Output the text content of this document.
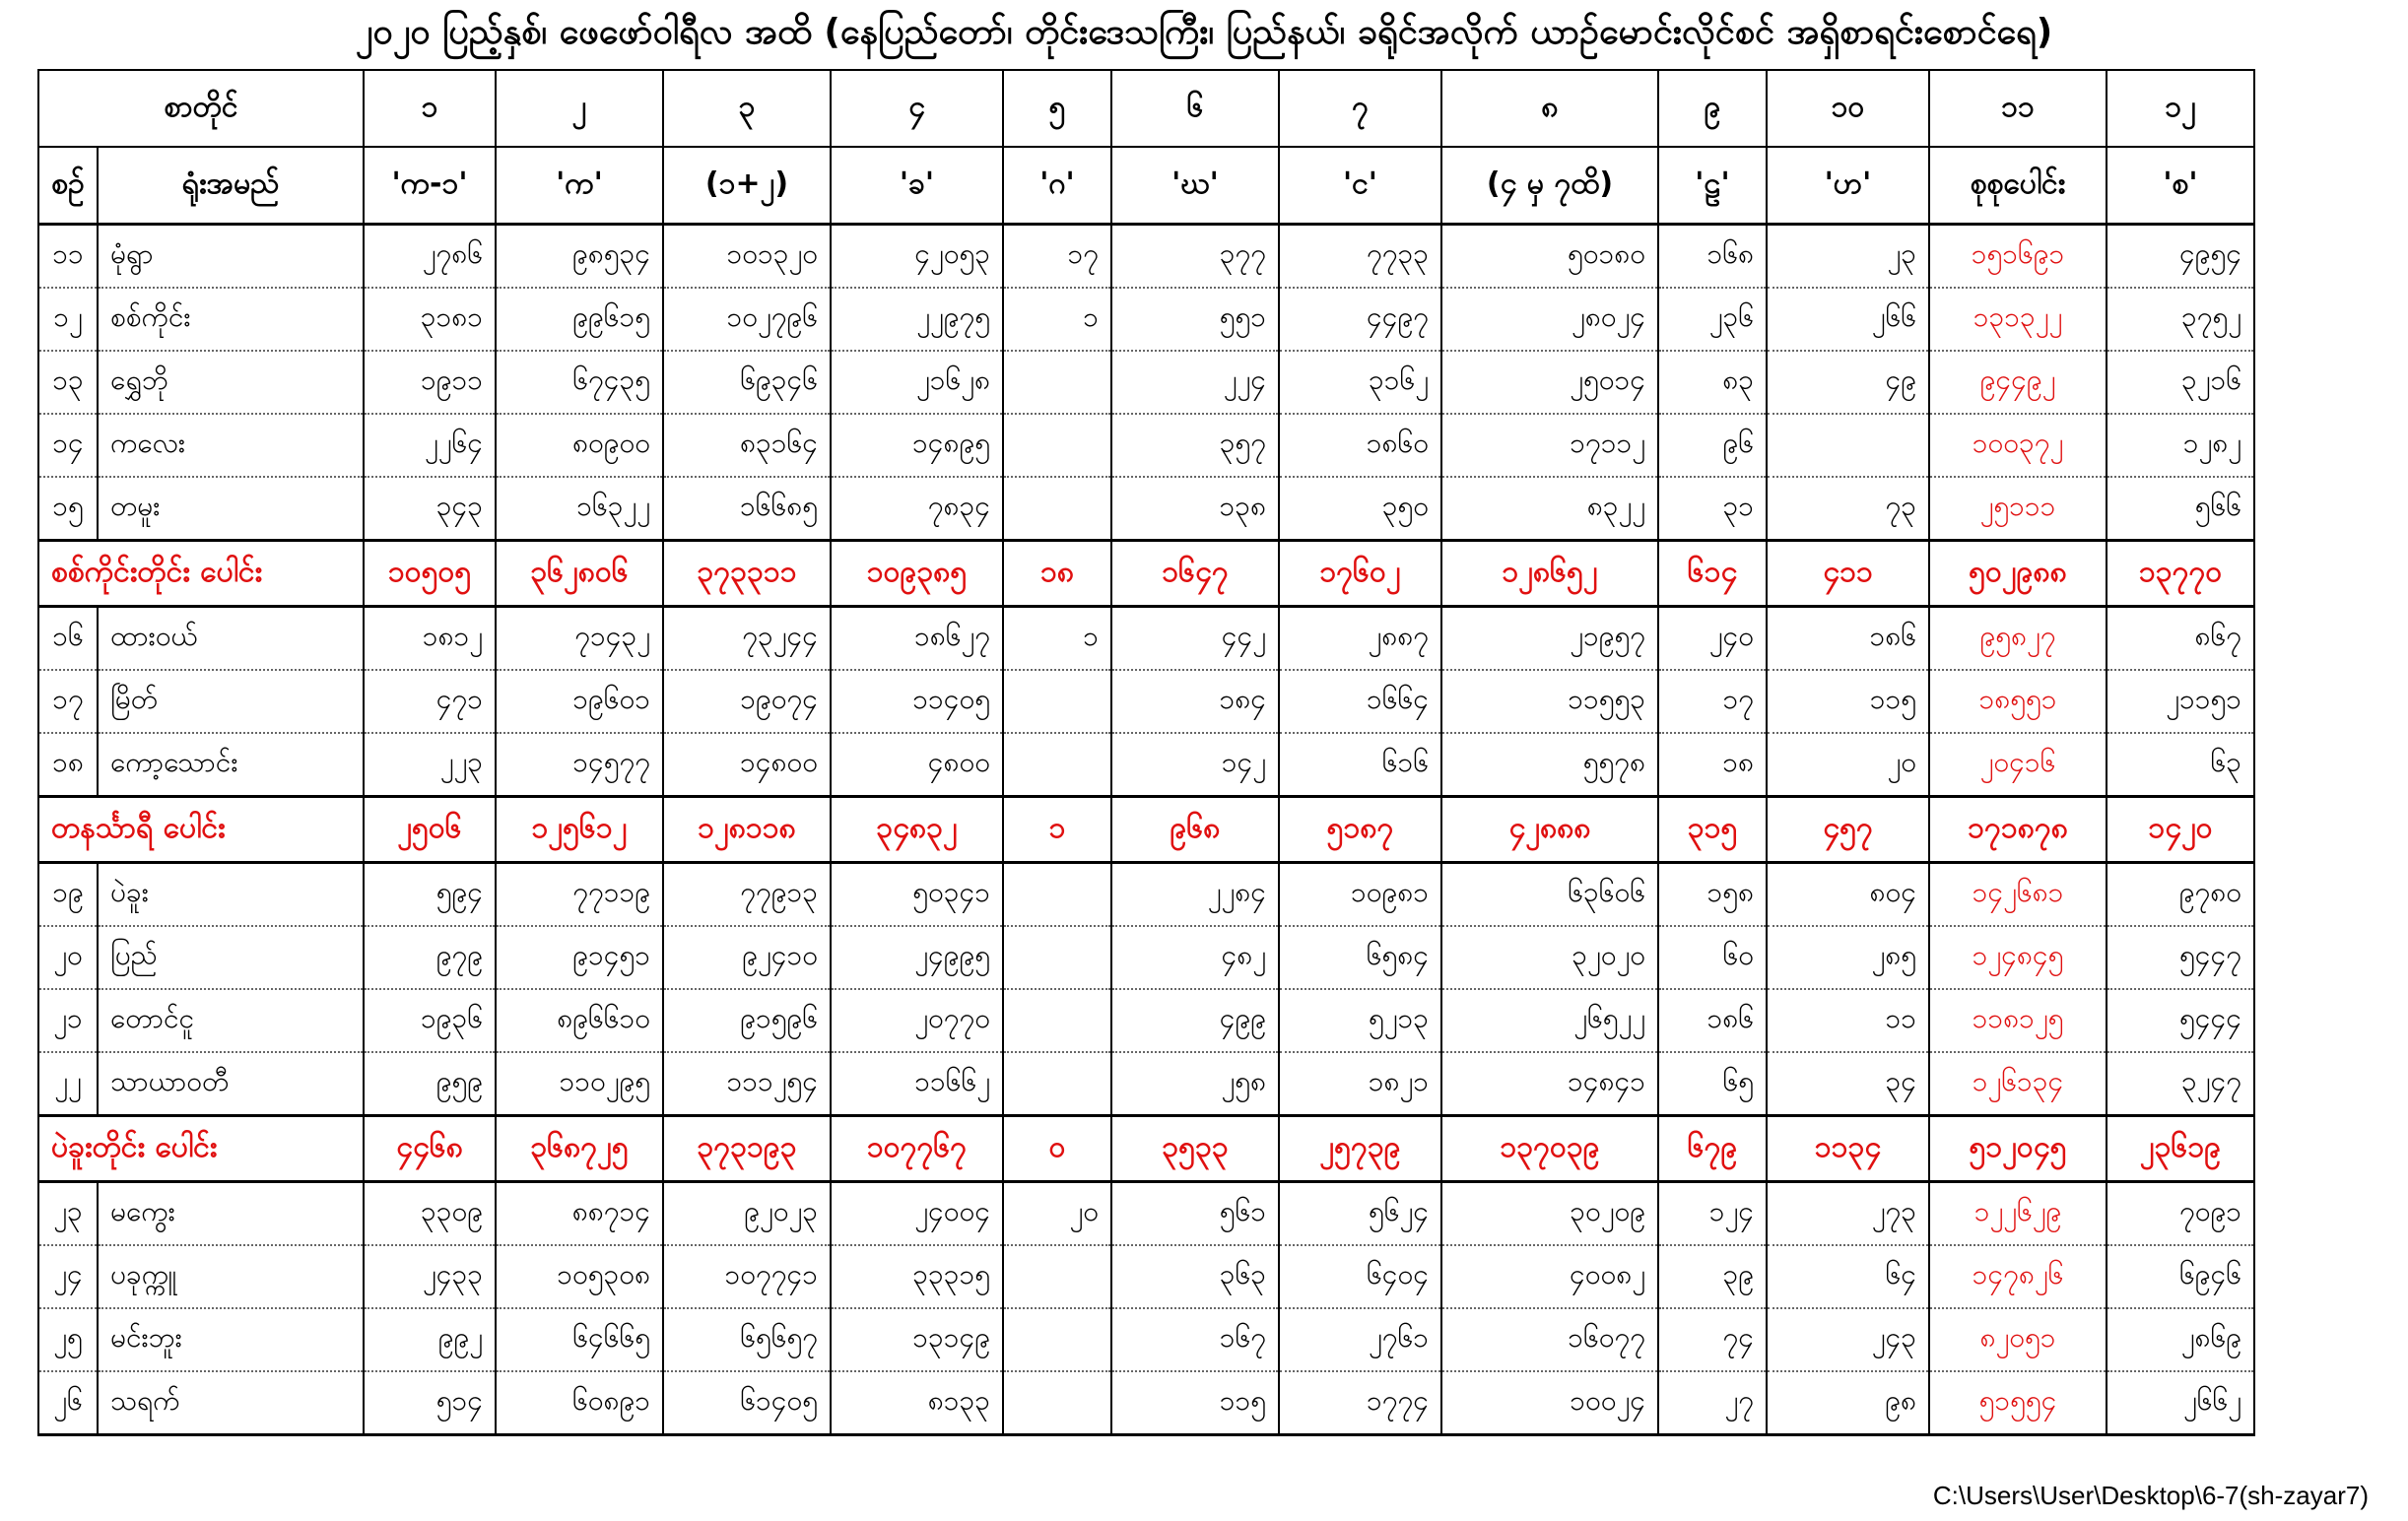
၂၀၂၀ ပြည့်နှစ်၊ ဖေဖော်ဝါရီလ အထိ (နေပြည်တော်၊ တိုင်းဒေသကြီး၊ ပြည်နယ်၊ ခရိုင်အလိုက် ယာဉ်မောင်းလိုင်စင် အရှိစာရင်းစောင်ရေ)
စာတိုင်		၁	၂	၃	၄	၅	၆	၇	၈	၉	၁၀	၁၁	၁၂
စဉ်	ရုံးအမည်	'က-၁'	'က'	(၁+၂)	'ခ'	'ဂ'	'ဃ'	'င'	(၄ မှ ၇ထိ)	'ဠ'	'ဟ'	စုစုပေါင်း	'စ'
၁၁	မုံရွာ	၂၇၈၆	၉၈၅၃၄	၁၀၁၃၂၀	၄၂၀၅၃	၁၇	၃၇၇	၇၇၃၃	၅၀၁၈၀	၁၆၈	၂၃	၁၅၁၆၉၁	၄၉၅၄
၁၂	စစ်ကိုင်း	၃၁၈၁	၉၉၆၁၅	၁၀၂၇၉၆	၂၂၉၇၅	၁	၅၅၁	၄၄၉၇	၂၈၀၂၄	၂၃၆	၂၆၆	၁၃၁၃၂၂	၃၇၅၂
၁၃	ရွှေဘို	၁၉၁၁	၆၇၄၃၅	၆၉၃၄၆	၂၁၆၂၈		၂၂၄	၃၁၆၂	၂၅၀၁၄	၈၃	၄၉	၉၄၄၉၂	၃၂၁၆
၁၄	ကလေး	၂၂၆၄	၈၀၉၀၀	၈၃၁၆၄	၁၄၈၉၅		၃၅၇	၁၈၆၀	၁၇၁၁၂	၉၆		၁၀၀၃၇၂	၁၂၈၂
၁၅	တမူး	၃၄၃	၁၆၃၂၂	၁၆၆၈၅	၇၈၃၄		၁၃၈	၃၅၀	၈၃၂၂	၃၁	၇၃	၂၅၁၁၁	၅၆၆
စစ်ကိုင်းတိုင်း ပေါင်း		၁၀၅၀၅	၃၆၂၈၀၆	၃၇၃၃၁၁	၁၀၉၃၈၅	၁၈	၁၆၄၇	၁၇၆၀၂	၁၂၈၆၅၂	၆၁၄	၄၁၁	၅၀၂၉၈၈	၁၃၇၇၀
၁၆	ထားဝယ်	၁၈၁၂	၇၁၄၃၂	၇၃၂၄၄	၁၈၆၂၇	၁	၄၄၂	၂၈၈၇	၂၁၉၅၇	၂၄၀	၁၈၆	၉၅၈၂၇	၈၆၇
၁၇	မြိတ်	၄၇၁	၁၉၆၀၁	၁၉၀၇၄	၁၁၄၀၅		၁၈၄	၁၆၆၄	၁၁၅၅၃	၁၇	၁၁၅	၁၈၅၅၁	၂၁၁၅၁
၁၈	ကော့သောင်း	၂၂၃	၁၄၅၇၇	၁၄၈၀၀	၄၈၀၀		၁၄၂	၆၁၆	၅၅၇၈	၁၈	၂၀	၂၀၄၁၆	၆၃
တနင်္သာရီ ပေါင်း		၂၅၀၆	၁၂၅၆၁၂	၁၂၈၁၁၈	၃၄၈၃၂	၁	၉၆၈	၅၁၈၇	၄၂၈၈၈	၃၁၅	၄၅၇	၁၇၁၈၇၈	၁၄၂၀
၁၉	ပဲခူး	၅၉၄	၇၇၁၁၉	၇၇၉၁၃	၅၀၃၄၁		၂၂၈၄	၁၀၉၈၁	၆၃၆၀၆	၁၅၈	၈၀၄	၁၄၂၆၈၁	၉၇၈၀
၂၀	ပြည်	၉၇၉	၉၁၄၅၁	၉၂၄၁၀	၂၄၉၉၅		၄၈၂	၆၅၈၄	၃၂၀၂၀	၆၀	၂၈၅	၁၂၄၈၄၅	၅၄၄၇
၂၁	တောင်ငူ	၁၉၃၆	၈၉၆၆၁၀	၉၁၅၉၆	၂၀၇၇၀		၄၉၉	၅၂၁၃	၂၆၅၂၂	၁၈၆	၁၁	၁၁၈၁၂၅	၅၄၄၄
၂၂	သာယာဝတီ	၉၅၉	၁၁၀၂၉၅	၁၁၁၂၅၄	၁၁၆၆၂		၂၅၈	၁၈၂၁	၁၄၈၄၁	၆၅	၃၄	၁၂၆၁၃၄	၃၂၄၇
ပဲခူးတိုင်း ပေါင်း		၄၄၆၈	၃၆၈၇၂၅	၃၇၃၁၉၃	၁၀၇၇၆၇	၀	၃၅၃၃	၂၅၇၃၉	၁၃၇၀၃၉	၆၇၉	၁၁၃၄	၅၁၂၀၄၅	၂၃၆၁၉
၂၃	မကွေး	၃၃၀၉	၈၈၇၁၄	၉၂၀၂၃	၂၄၀၀၄	၂၀	၅၆၁	၅၆၂၄	၃၀၂၀၉	၁၂၄	၂၇၃	၁၂၂၆၂၉	၇၀၉၁
၂၄	ပခုက္ကူ	၂၄၃၃	၁၀၅၃၀၈	၁၀၇၇၄၁	၃၃၃၁၅		၃၆၃	၆၄၀၄	၄၀၀၈၂	၃၉	၆၄	၁၄၇၈၂၆	၆၉၄၆
၂၅	မင်းဘူး	၉၉၂	၆၄၆၆၅	၆၅၆၅၇	၁၃၁၄၉		၁၆၇	၂၇၆၁	၁၆၀၇၇	၇၄	၂၄၃	၈၂၀၅၁	၂၈၆၉
၂၆	သရက်	၅၁၄	၆၀၈၉၁	၆၁၄၀၅	၈၁၃၃		၁၁၅	၁၇၇၄	၁၀၀၂၄	၂၇	၉၈	၅၁၅၅၄	၂၆၆၂
C:\Users\User\Desktop\6-7(sh-zayar7)
